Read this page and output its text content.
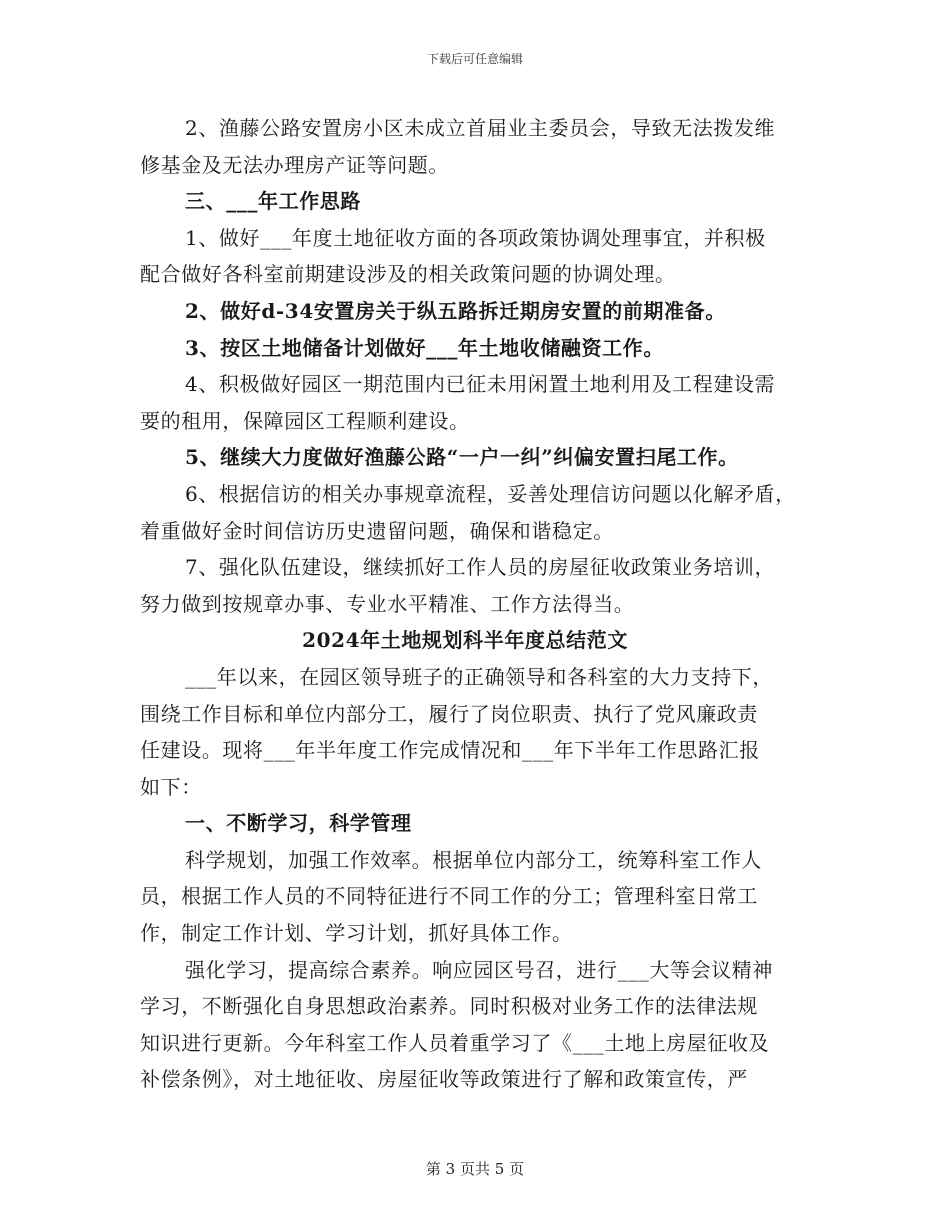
下载后可任意编辑
2、渔藤公路安置房小区未成立首届业主委员会，导致无法拨发维
修基金及无法办理房产证等问题。
三、___年工作思路
1、做好___年度土地征收方面的各项政策协调处理事宜，并积极
配合做好各科室前期建设涉及的相关政策问题的协调处理。
2、做好d-34安置房关于纵五路拆迁期房安置的前期准备。
3、按区土地储备计划做好___年土地收储融资工作。
4、积极做好园区一期范围内已征未用闲置土地利用及工程建设需
要的租用，保障园区工程顺利建设。
5、继续大力度做好渔藤公路“一户一纠”纠偏安置扫尾工作。
6、根据信访的相关办事规章流程，妥善处理信访问题以化解矛盾，
着重做好金时间信访历史遗留问题，确保和谐稳定。
7、强化队伍建设，继续抓好工作人员的房屋征收政策业务培训，
努力做到按规章办事、专业水平精准、工作方法得当。
2024年土地规划科半年度总结范文
___年以来，在园区领导班子的正确领导和各科室的大力支持下，
围绕工作目标和单位内部分工，履行了岗位职责、执行了党风廉政责
任建设。现将___年半年度工作完成情况和___年下半年工作思路汇报
如下：
一、不断学习，科学管理
科学规划，加强工作效率。根据单位内部分工，统筹科室工作人
员，根据工作人员的不同特征进行不同工作的分工；管理科室日常工
作，制定工作计划、学习计划，抓好具体工作。
强化学习，提高综合素养。响应园区号召，进行___大等会议精神
学习，不断强化自身思想政治素养。同时积极对业务工作的法律法规
知识进行更新。今年科室工作人员着重学习了《___土地上房屋征收及
补偿条例》，对土地征收、房屋征收等政策进行了解和政策宣传，严
第 3 页共 5 页
